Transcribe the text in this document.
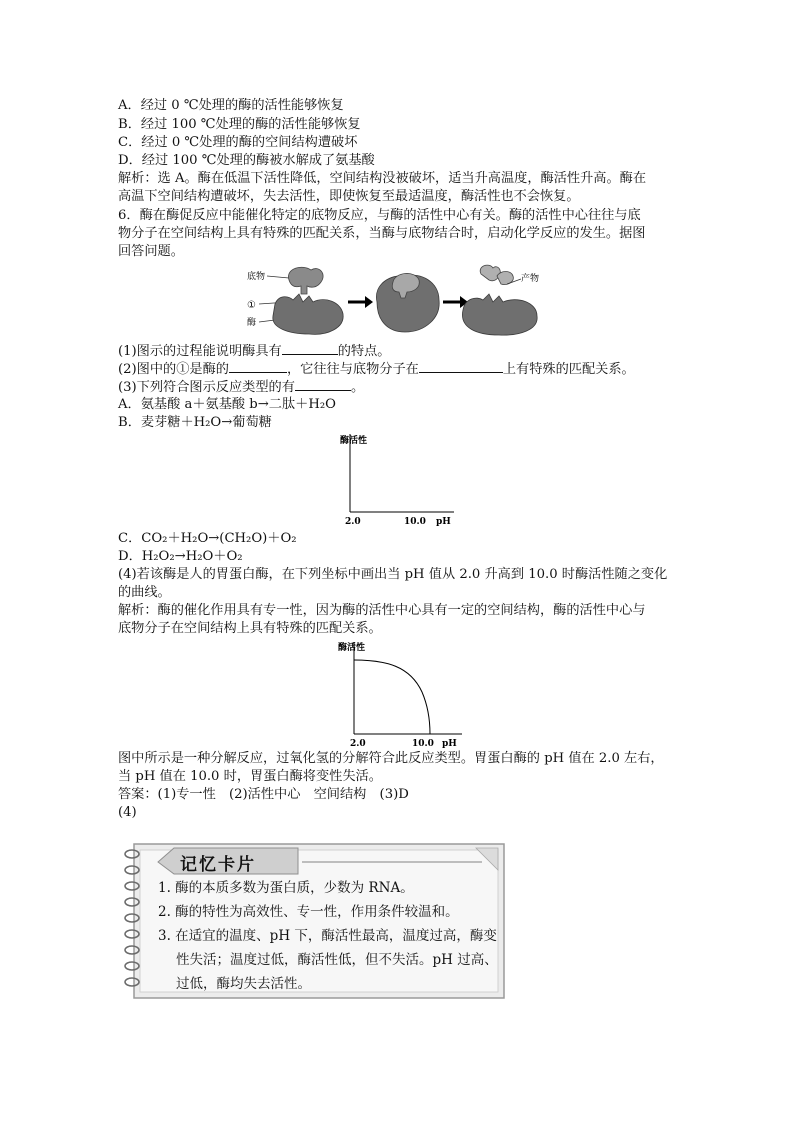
A．经过 0 ℃处理的酶的活性能够恢复
B．经过 100 ℃处理的酶的活性能够恢复
C．经过 0 ℃处理的酶的空间结构遭破坏
D．经过 100 ℃处理的酶被水解成了氨基酸
解析：选 A。酶在低温下活性降低，空间结构没被破坏，适当升高温度，酶活性升高。酶在
高温下空间结构遭破坏，失去活性，即使恢复至最适温度，酶活性也不会恢复。
6．酶在酶促反应中能催化特定的底物反应，与酶的活性中心有关。酶的活性中心往往与底
物分子在空间结构上具有特殊的匹配关系，当酶与底物结合时，启动化学反应的发生。据图
回答问题。
底物
①
酶
产物
(1)图示的过程能说明酶具有	的特点。
(2)图中的①是酶的	，它往往与底物分子在	上有特殊的匹配关系。
(3)下列符合图示反应类型的有	。
A．氨基酸 a＋氨基酸 b→二肽＋H₂O
B．麦芽糖＋H₂O→葡萄糖
酶活性
2.0	10.0 pH
C．CO₂＋H₂O→(CH₂O)＋O₂
D．H₂O₂→H₂O＋O₂
(4)若该酶是人的胃蛋白酶，在下列坐标中画出当 pH 值从 2.0 升高到 10.0 时酶活性随之变化
的曲线。
解析：酶的催化作用具有专一性，因为酶的活性中心具有一定的空间结构，酶的活性中心与
底物分子在空间结构上具有特殊的匹配关系。
酶活性
2.0	10.0 pH
图中所示是一种分解反应，过氧化氢的分解符合此反应类型。胃蛋白酶的 pH 值在 2.0 左右，
当 pH 值在 10.0 时，胃蛋白酶将变性失活。
答案：(1)专一性　(2)活性中心　空间结构　(3)D
(4)
记忆卡片
1. 酶的本质多数为蛋白质，少数为 RNA。
2. 酶的特性为高效性、专一性，作用条件较温和。
3. 在适宜的温度、pH 下，酶活性最高，温度过高，酶变
性失活；温度过低，酶活性低，但不失活。pH 过高、
过低，酶均失去活性。
